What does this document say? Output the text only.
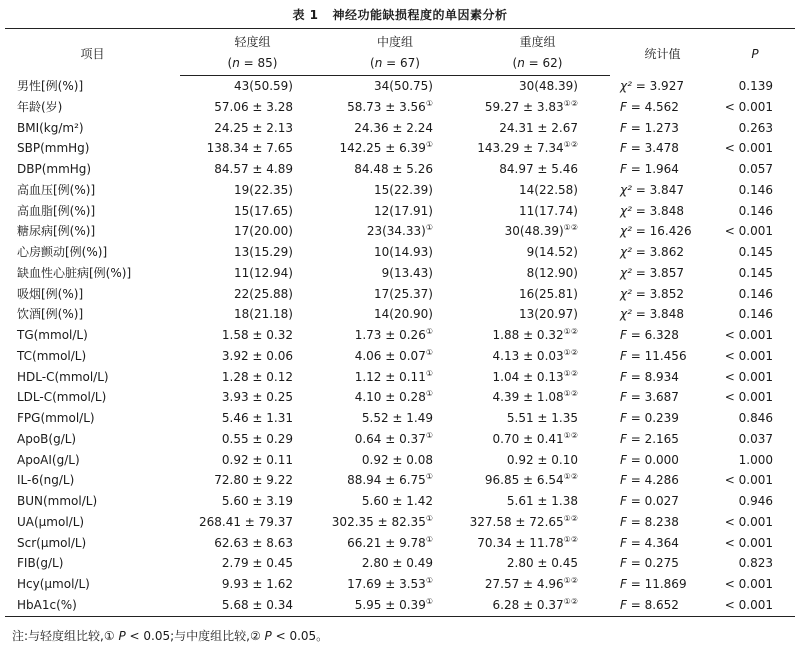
表 1 神经功能缺损程度的单因素分析
项目	轻度组	中度组	重度组	统计值	P
	(n = 85)	(n = 67)	(n = 62)		
男性[例(%)]	43(50.59)	34(50.75)	30(48.39)	χ² = 3.927	0.139
年龄(岁)	57.06 ± 3.28	58.73 ± 3.56①	59.27 ± 3.83①②	F = 4.562	< 0.001
BMI(kg/m²)	24.25 ± 2.13	24.36 ± 2.24	24.31 ± 2.67	F = 1.273	0.263
SBP(mmHg)	138.34 ± 7.65	142.25 ± 6.39①	143.29 ± 7.34①②	F = 3.478	< 0.001
DBP(mmHg)	84.57 ± 4.89	84.48 ± 5.26	84.97 ± 5.46	F = 1.964	0.057
高血压[例(%)]	19(22.35)	15(22.39)	14(22.58)	χ² = 3.847	0.146
高血脂[例(%)]	15(17.65)	12(17.91)	11(17.74)	χ² = 3.848	0.146
糖尿病[例(%)]	17(20.00)	23(34.33)①	30(48.39)①②	χ² = 16.426	< 0.001
心房颤动[例(%)]	13(15.29)	10(14.93)	9(14.52)	χ² = 3.862	0.145
缺血性心脏病[例(%)]	11(12.94)	9(13.43)	8(12.90)	χ² = 3.857	0.145
吸烟[例(%)]	22(25.88)	17(25.37)	16(25.81)	χ² = 3.852	0.146
饮酒[例(%)]	18(21.18)	14(20.90)	13(20.97)	χ² = 3.848	0.146
TG(mmol/L)	1.58 ± 0.32	1.73 ± 0.26①	1.88 ± 0.32①②	F = 6.328	< 0.001
TC(mmol/L)	3.92 ± 0.06	4.06 ± 0.07①	4.13 ± 0.03①②	F = 11.456	< 0.001
HDL-C(mmol/L)	1.28 ± 0.12	1.12 ± 0.11①	1.04 ± 0.13①②	F = 8.934	< 0.001
LDL-C(mmol/L)	3.93 ± 0.25	4.10 ± 0.28①	4.39 ± 1.08①②	F = 3.687	< 0.001
FPG(mmol/L)	5.46 ± 1.31	5.52 ± 1.49	5.51 ± 1.35	F = 0.239	0.846
ApoB(g/L)	0.55 ± 0.29	0.64 ± 0.37①	0.70 ± 0.41①②	F = 2.165	0.037
ApoAI(g/L)	0.92 ± 0.11	0.92 ± 0.08	0.92 ± 0.10	F = 0.000	1.000
IL-6(ng/L)	72.80 ± 9.22	88.94 ± 6.75①	96.85 ± 6.54①②	F = 4.286	< 0.001
BUN(mmol/L)	5.60 ± 3.19	5.60 ± 1.42	5.61 ± 1.38	F = 0.027	0.946
UA(μmol/L)	268.41 ± 79.37	302.35 ± 82.35①	327.58 ± 72.65①②	F = 8.238	< 0.001
Scr(μmol/L)	62.63 ± 8.63	66.21 ± 9.78①	70.34 ± 11.78①②	F = 4.364	< 0.001
FIB(g/L)	2.79 ± 0.45	2.80 ± 0.49	2.80 ± 0.45	F = 0.275	0.823
Hcy(μmol/L)	9.93 ± 1.62	17.69 ± 3.53①	27.57 ± 4.96①②	F = 11.869	< 0.001
HbA1c(%)	5.68 ± 0.34	5.95 ± 0.39①	6.28 ± 0.37①②	F = 8.652	< 0.001
注:与轻度组比较,① P < 0.05;与中度组比较,② P < 0.05。
